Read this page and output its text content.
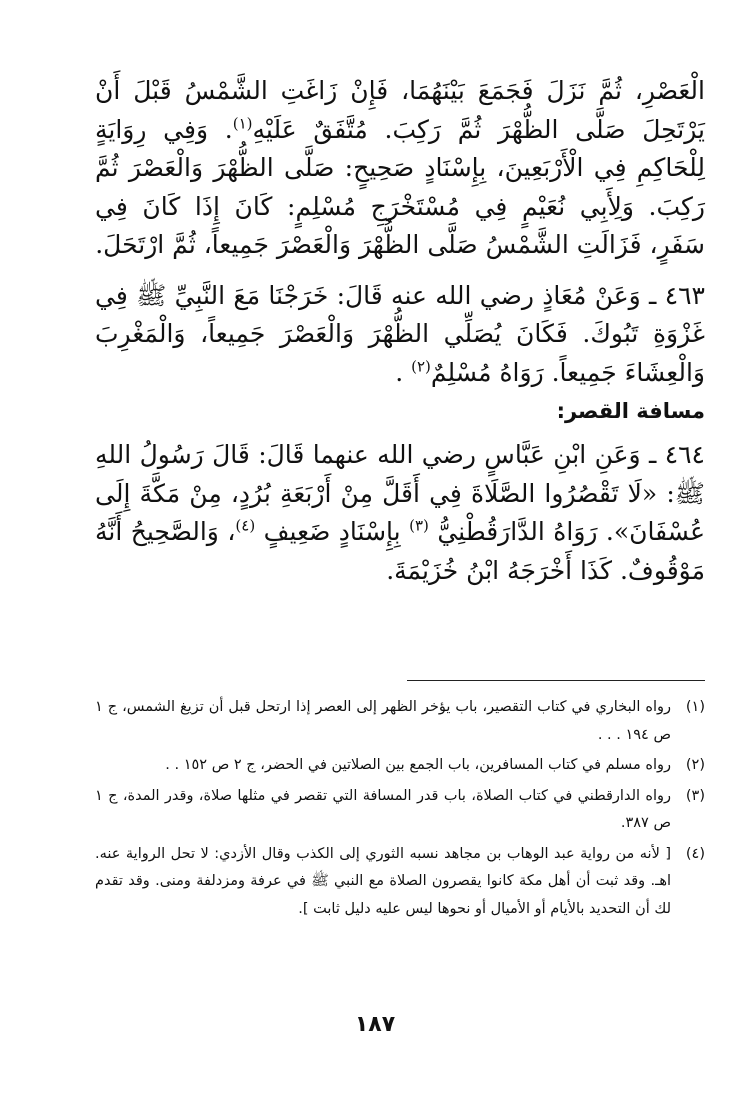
الْعَصْرِ، ثُمَّ نَزَلَ فَجَمَعَ بَيْنَهُمَا، فَإِنْ زَاغَتِ الشَّمْسُ قَبْلَ أَنْ يَرْتَحِلَ صَلَّى الظُّهْرَ ثُمَّ رَكِبَ. مُتَّفَقٌ عَلَيْهِ$^{(١)}$. وَفِي رِوَايَةٍ لِلْحَاكِمِ فِي الْأَرْبَعِينَ، بِإِسْنَادٍ صَحِيحٍ: صَلَّى الظُّهْرَ وَالْعَصْرَ ثُمَّ رَكِبَ. وَلِأَبِي نُعَيْمٍ فِي مُسْتَخْرَجِ مُسْلِمٍ: كَانَ إِذَا كَانَ فِي سَفَرٍ، فَزَالَتِ الشَّمْسُ صَلَّى الظُّهْرَ وَالْعَصْرَ جَمِيعاً، ثُمَّ ارْتَحَلَ.

٤٦٣ ـ وَعَنْ مُعَاذٍ رضي الله عنه قَالَ: خَرَجْنَا مَعَ النَّبِيِّ ﷺ فِي غَزْوَةِ تَبُوكَ. فَكَانَ يُصَلِّي الظُّهْرَ وَالْعَصْرَ جَمِيعاً، وَالْمَغْرِبَ وَالْعِشَاءَ جَمِيعاً. رَوَاهُ مُسْلِمٌ$^{(٢)}$ .

مسافة القصر:

٤٦٤ ـ وَعَنِ ابْنِ عَبَّاسٍ رضي الله عنهما قَالَ: قَالَ رَسُولُ اللهِ ﷺ: «لَا تَقْصُرُوا الصَّلَاةَ فِي أَقَلَّ مِنْ أَرْبَعَةِ بُرُدٍ، مِنْ مَكَّةَ إِلَى عُسْفَانَ». رَوَاهُ الدَّارَقُطْنِيُّ $^{(٣)}$ بِإِسْنَادٍ ضَعِيفٍ $^{(٤)}$، وَالصَّحِيحُ أَنَّهُ مَوْقُوفٌ. كَذَا أَخْرَجَهُ ابْنُ خُزَيْمَةَ.

(١)
رواه البخاري في كتاب التقصير، باب يؤخر الظهر إلى العصر إذا ارتحل قبل أن تزيغ الشمس، ج ١ ص ١٩٤ . . .
(٢)
رواه مسلم في كتاب المسافرين، باب الجمع بين الصلاتين في الحضر، ج ٢ ص ١٥٢ . .
(٣)
رواه الدارقطني في كتاب الصلاة، باب قدر المسافة التي تقصر في مثلها صلاة، وقدر المدة، ج ١ ص ٣٨٧.
(٤)
[ لأنه من رواية عبد الوهاب بن مجاهد نسبه الثوري إلى الكذب وقال الأزدي: لا تحل الرواية عنه. اهـ. وقد ثبت أن أهل مكة كانوا يقصرون الصلاة مع النبي ﷺ في عرفة ومزدلفة ومنى. وقد تقدم لك أن التحديد بالأيام أو الأميال أو نحوها ليس عليه دليل ثابت ].
١٨٧
